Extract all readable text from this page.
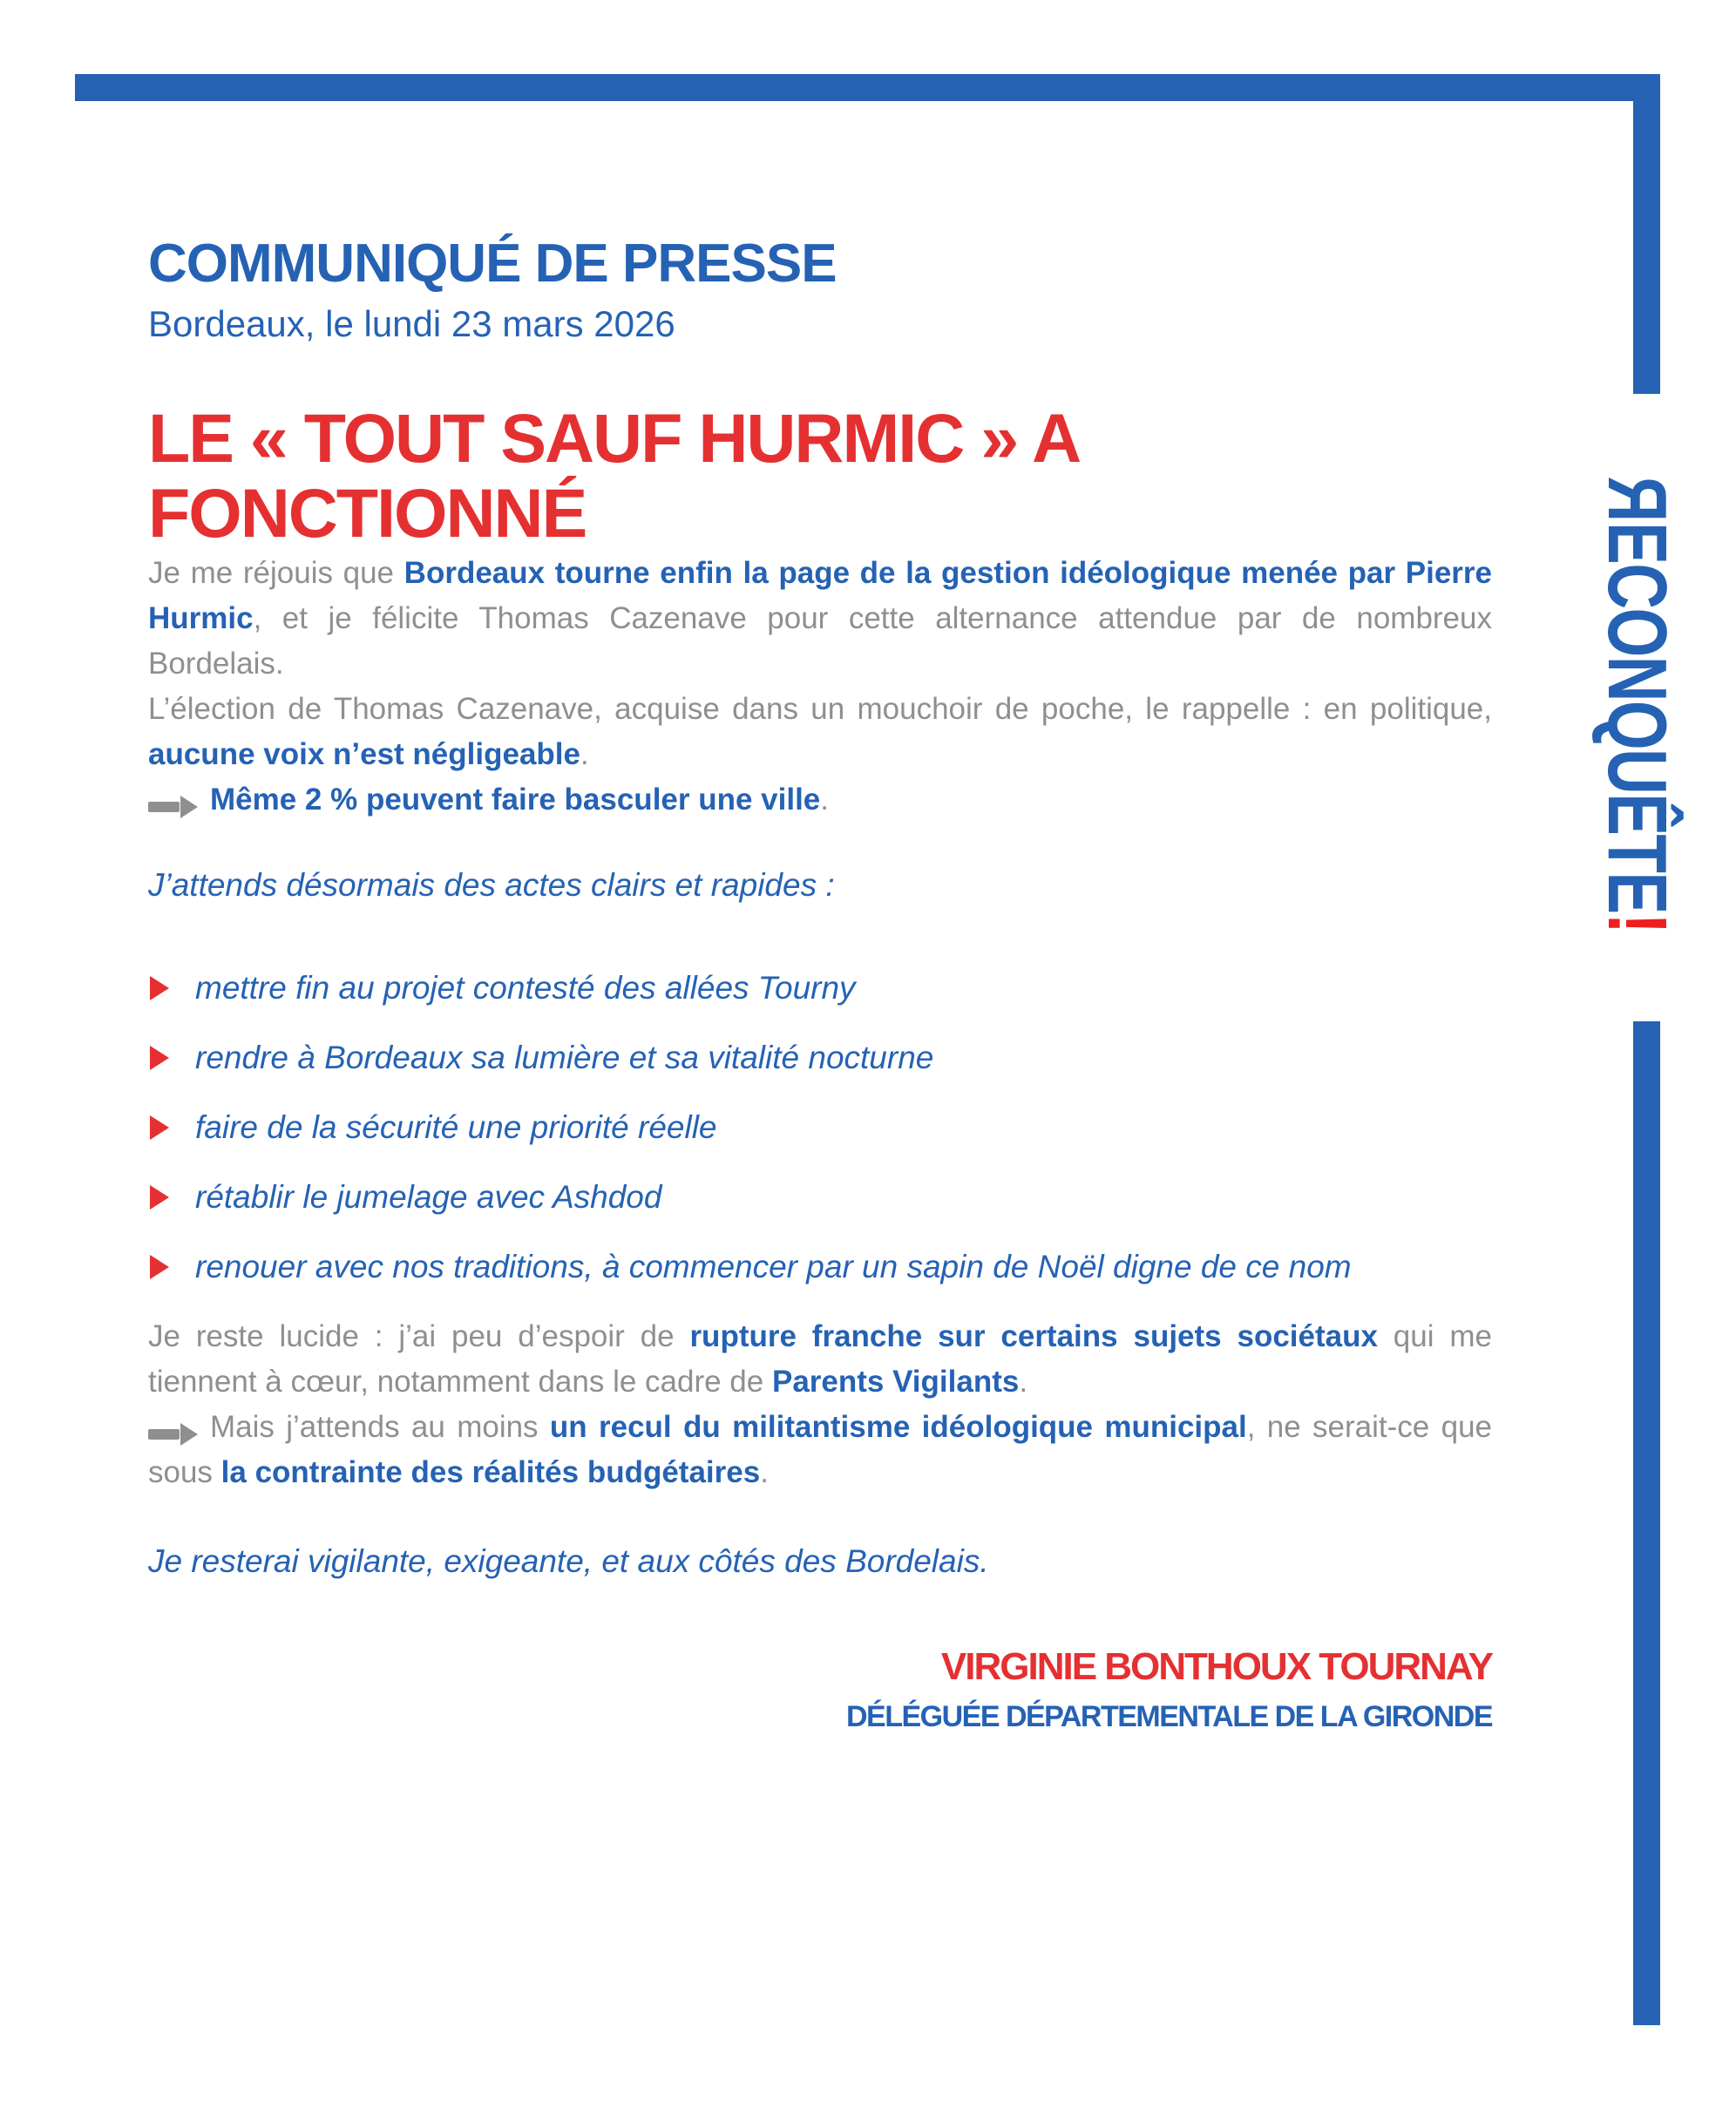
RECONQUÊTE!
COMMUNIQUÉ DE PRESSE
Bordeaux, le lundi 23 mars 2026
LE « TOUT SAUF HURMIC » A FONCTIONNÉ

Je me réjouis que Bordeaux tourne enfin la page de la gestion idéologique menée par Pierre Hurmic, et je félicite Thomas Cazenave pour cette alternance attendue par de nombreux Bordelais.

L’élection de Thomas Cazenave, acquise dans un mouchoir de poche, le rappelle : en politique, aucune voix n’est négligeable.

Même 2 % peuvent faire basculer une ville.

J’attends désormais des actes clairs et rapides :
mettre fin au projet contesté des allées Tourny
rendre à Bordeaux sa lumière et sa vitalité nocturne
faire de la sécurité une priorité réelle
rétablir le jumelage avec Ashdod
renouer avec nos traditions, à commencer par un sapin de Noël digne de ce nom

Je reste lucide : j’ai peu d’espoir de rupture franche sur certains sujets sociétaux qui me tiennent à cœur, notamment dans le cadre de Parents Vigilants.

Mais j’attends au moins un recul du militantisme idéologique municipal, ne serait-ce que sous la contrainte des réalités budgétaires.

Je resterai vigilante, exigeante, et aux côtés des Bordelais.
VIRGINIE BONTHOUX TOURNAY
DÉLÉGUÉE DÉPARTEMENTALE DE LA GIRONDE
